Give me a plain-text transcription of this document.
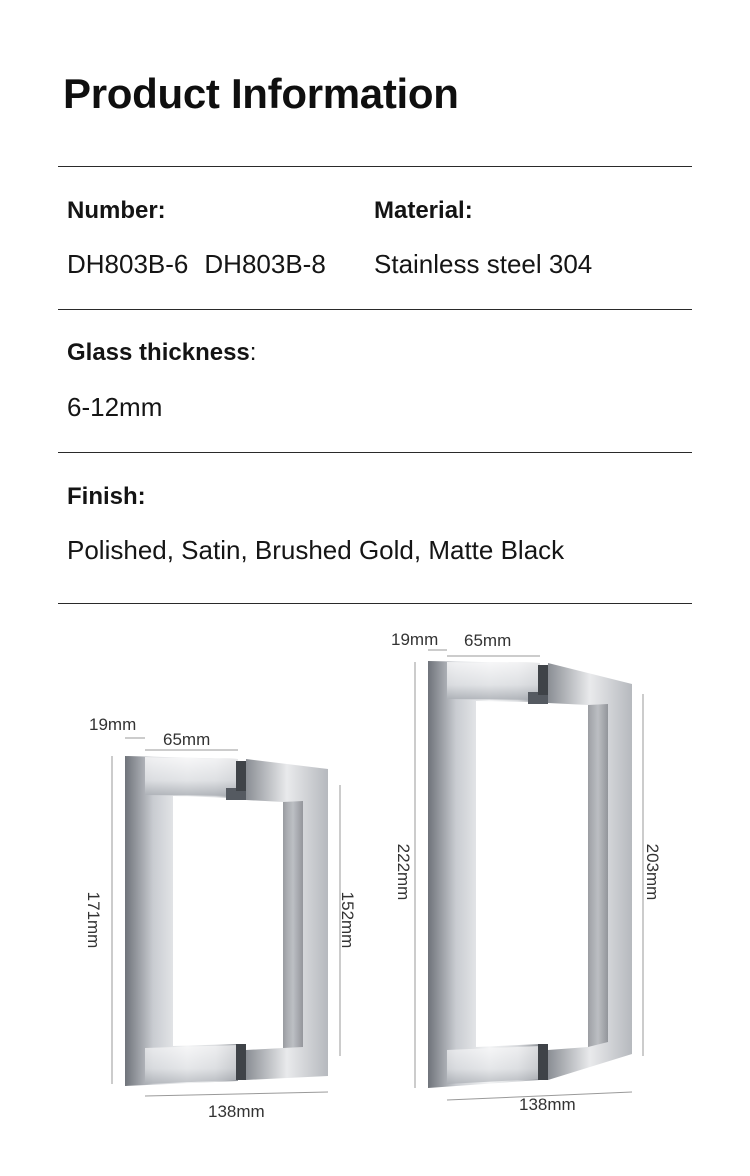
Product Information
Number:
DH803B-6 DH803B-8
Material:
Stainless steel 304
Glass thickness:
6-12mm
Finish:
Polished, Satin, Brushed Gold, Matte Black
19mm
65mm
171mm	152mm
138mm
19mm 65mm
222mm	203mm
138mm
